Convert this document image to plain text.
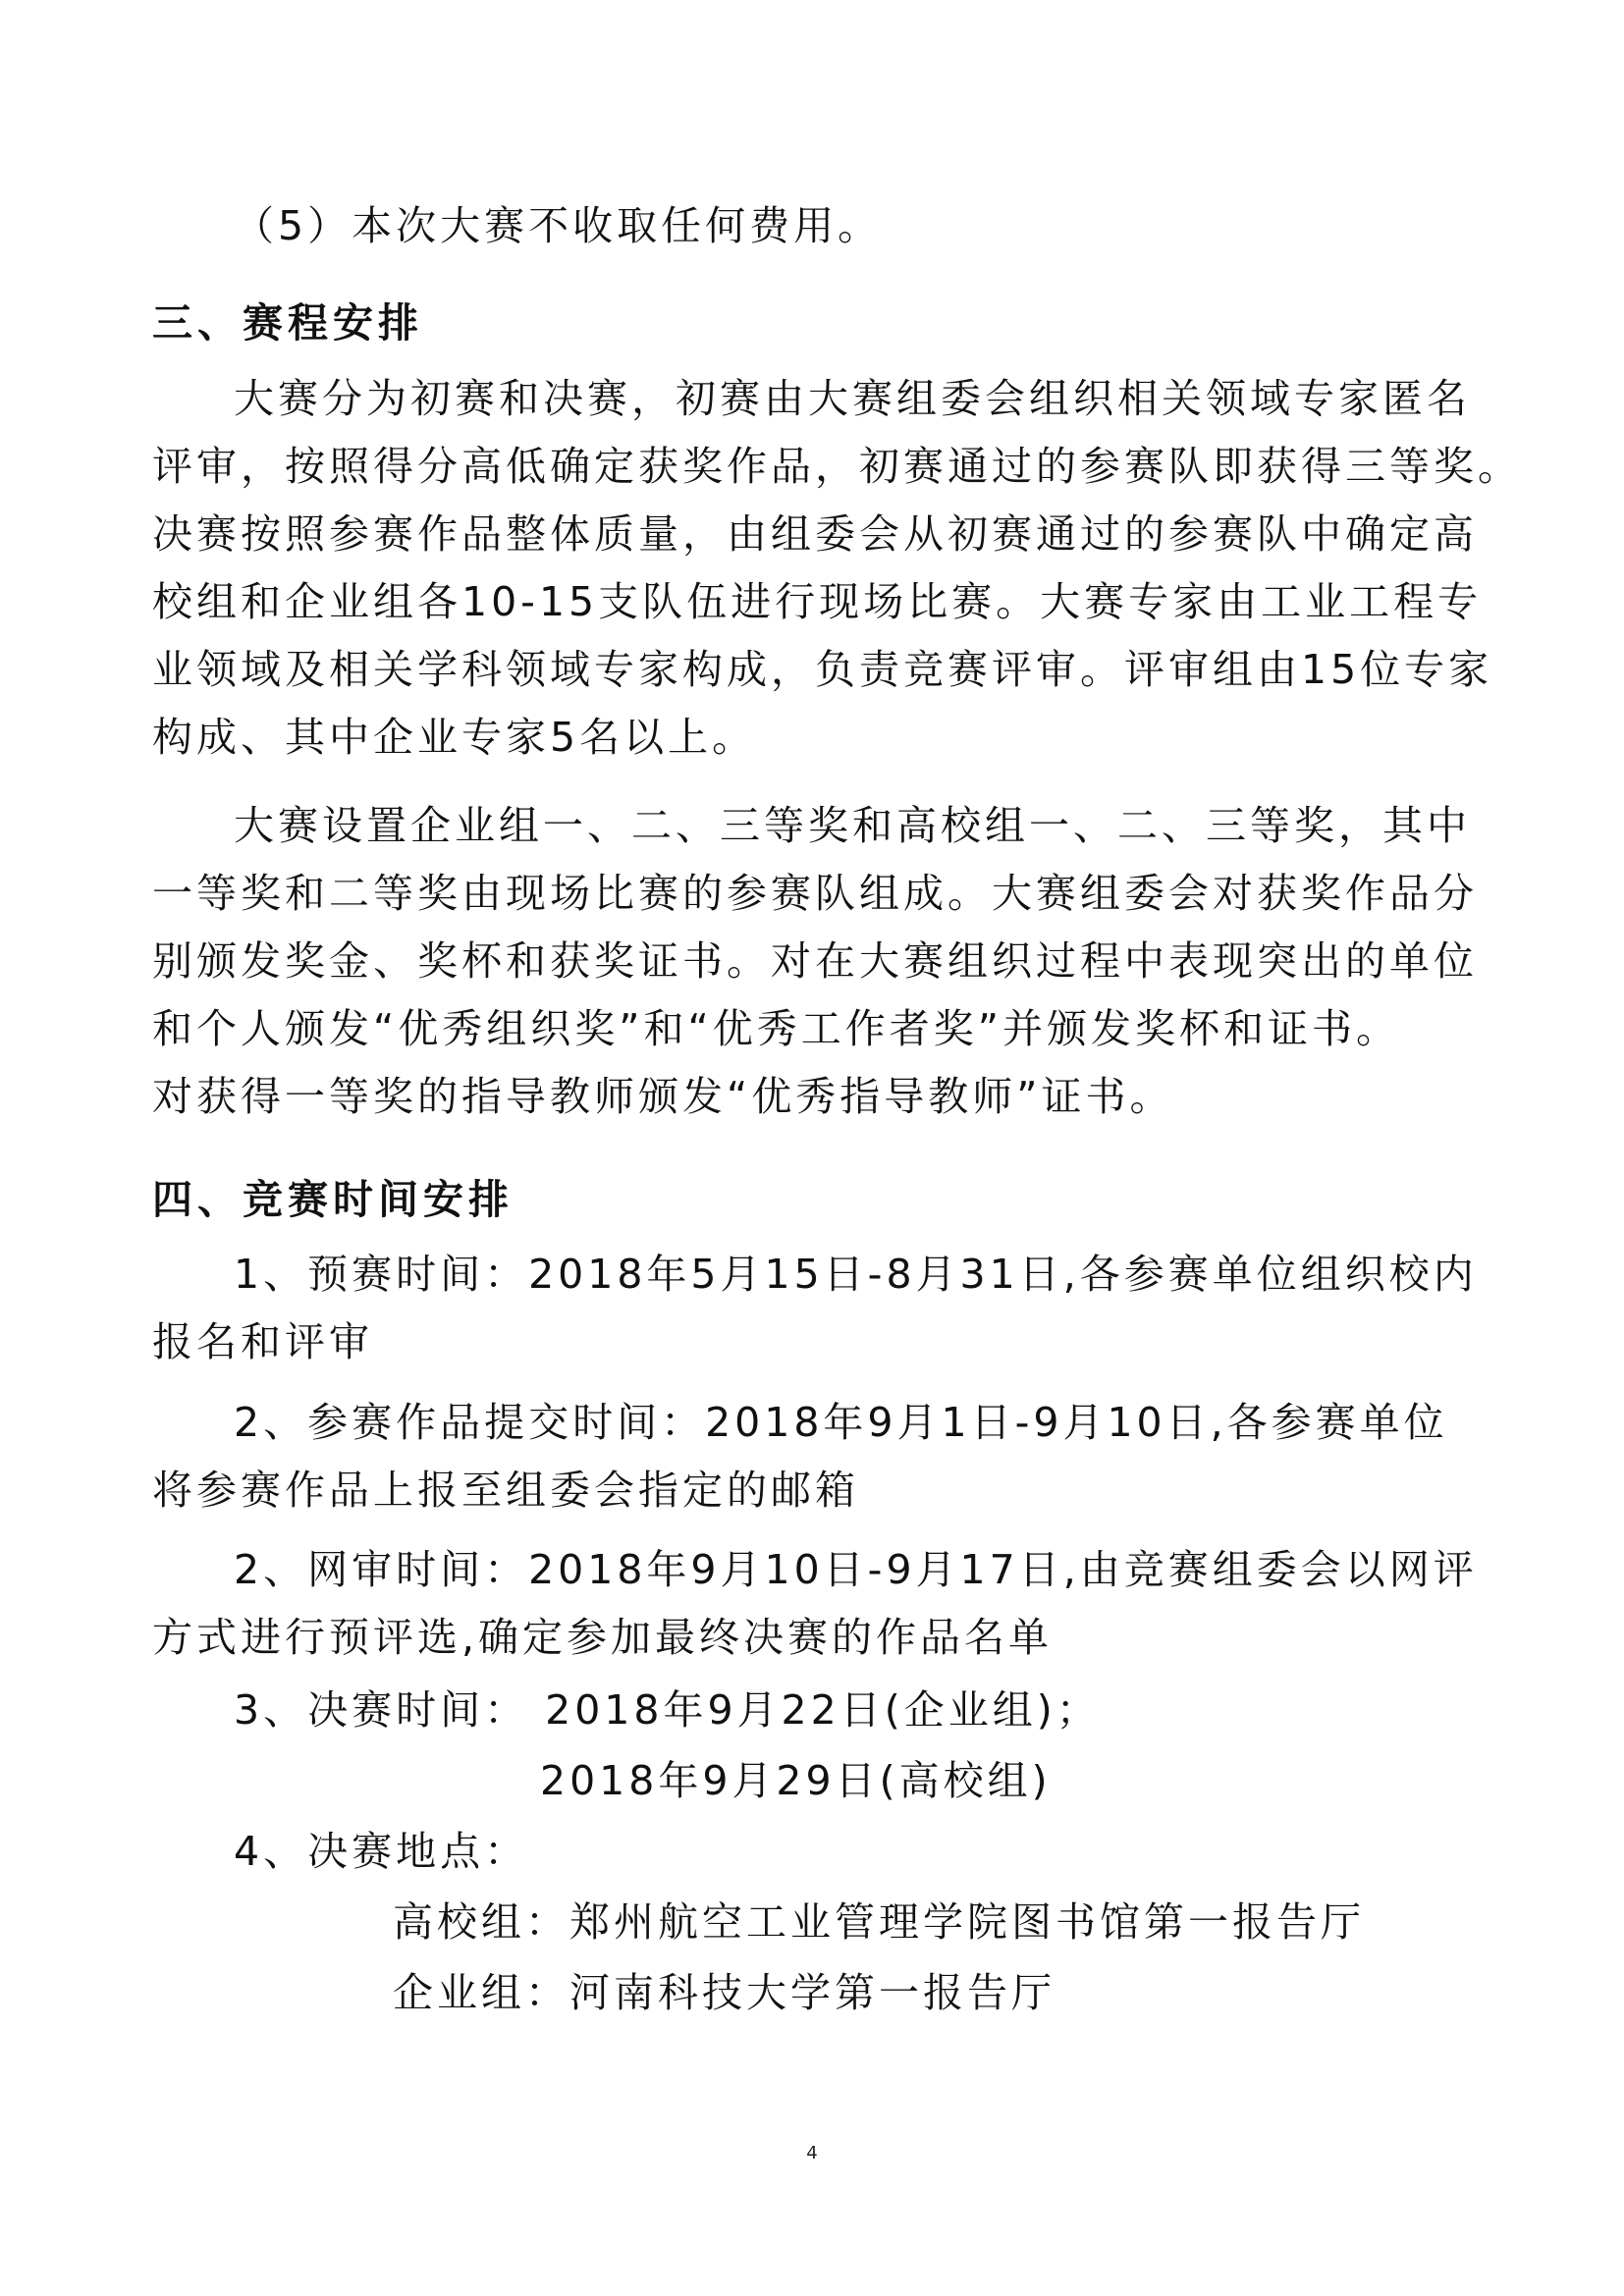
（5）本次大赛不收取任何费用。
三、赛程安排
大赛分为初赛和决赛，初赛由大赛组委会组织相关领域专家匿名
评审，按照得分高低确定获奖作品，初赛通过的参赛队即获得三等奖。
决赛按照参赛作品整体质量，由组委会从初赛通过的参赛队中确定高
校组和企业组各10-15支队伍进行现场比赛。大赛专家由工业工程专
业领域及相关学科领域专家构成，负责竞赛评审。评审组由15位专家
构成、其中企业专家5名以上。
大赛设置企业组一、二、三等奖和高校组一、二、三等奖，其中
一等奖和二等奖由现场比赛的参赛队组成。大赛组委会对获奖作品分
别颁发奖金、奖杯和获奖证书。对在大赛组织过程中表现突出的单位
和个人颁发“优秀组织奖”和“优秀工作者奖”并颁发奖杯和证书。
对获得一等奖的指导教师颁发“优秀指导教师”证书。
四、竞赛时间安排
1、预赛时间：2018年5月15日-8月31日,各参赛单位组织校内
报名和评审
2、参赛作品提交时间：2018年9月1日-9月10日,各参赛单位
将参赛作品上报至组委会指定的邮箱
2、网审时间：2018年9月10日-9月17日,由竞赛组委会以网评
方式进行预评选,确定参加最终决赛的作品名单
3、决赛时间： 2018年9月22日(企业组)；
2018年9月29日(高校组)
4、决赛地点：
高校组：郑州航空工业管理学院图书馆第一报告厅
企业组：河南科技大学第一报告厅
4
